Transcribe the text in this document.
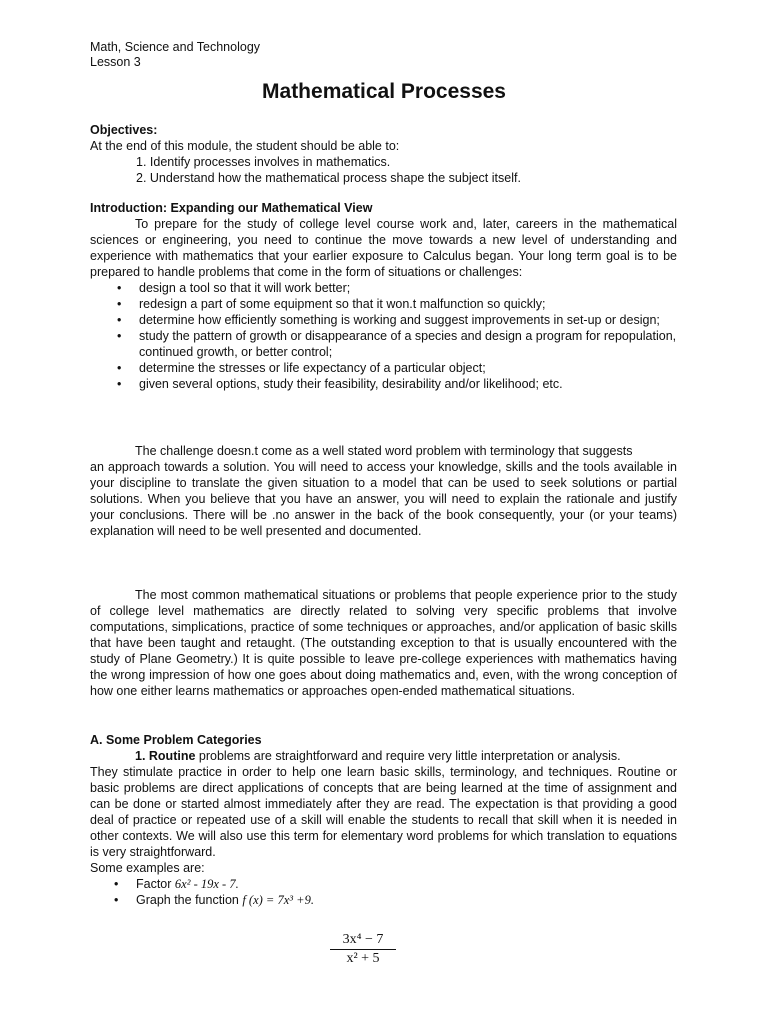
Math, Science and Technology
Lesson 3
Mathematical Processes
Objectives:
At the end of this module, the student should be able to:
1. Identify processes involves in mathematics.
2. Understand how the mathematical process shape the subject itself.
Introduction: Expanding our Mathematical View
To prepare for the study of college level course work and, later, careers in the mathematical sciences or engineering, you need to continue the move towards a new level of understanding and experience with mathematics that your earlier exposure to Calculus began. Your long term goal is to be prepared to handle problems that come in the form of situations or challenges:
• design a tool so that it will work better;
• redesign a part of some equipment so that it won.t malfunction so quickly;
• determine how efficiently something is working and suggest improvements in set-up or design;
• study the pattern of growth or disappearance of a species and design a program for repopulation, continued growth, or better control;
• determine the stresses or life expectancy of a particular object;
• given several options, study their feasibility, desirability and/or likelihood; etc.
The challenge doesn.t come as a well stated word problem with terminology that suggests
an approach towards a solution. You will need to access your knowledge, skills and the tools available in your discipline to translate the given situation to a model that can be used to seek solutions or partial solutions. When you believe that you have an answer, you will need to explain the rationale and justify your conclusions. There will be .no answer in the back of the book consequently, your (or your teams) explanation will need to be well presented and documented.
The most common mathematical situations or problems that people experience prior to the study of college level mathematics are directly related to solving very specific problems that involve computations, simplications, practice of some techniques or approaches, and/or application of basic skills that have been taught and retaught. (The outstanding exception to that is usually encountered with the study of Plane Geometry.) It is quite possible to leave pre-college experiences with mathematics having the wrong impression of how one goes about doing mathematics and, even, with the wrong conception of how one either learns mathematics or approaches open-ended mathematical situations.
A. Some Problem Categories
1. Routine problems are straightforward and require very little interpretation or analysis.
They stimulate practice in order to help one learn basic skills, terminology, and techniques. Routine or basic problems are direct applications of concepts that are being learned at the time of assignment and can be done or started almost immediately after they are read. The expectation is that providing a good deal of practice or repeated use of a skill will enable the students to recall that skill when it is needed in other contexts. We will also use this term for elementary word problems for which translation to equations is very straightforward.
Some examples are:
• Factor 6x² - 19x - 7.
• Graph the function f (x) = 7x³ +9.
$\frac{\text{3x⁴ − 7}}{\text{x² + 5}}$
